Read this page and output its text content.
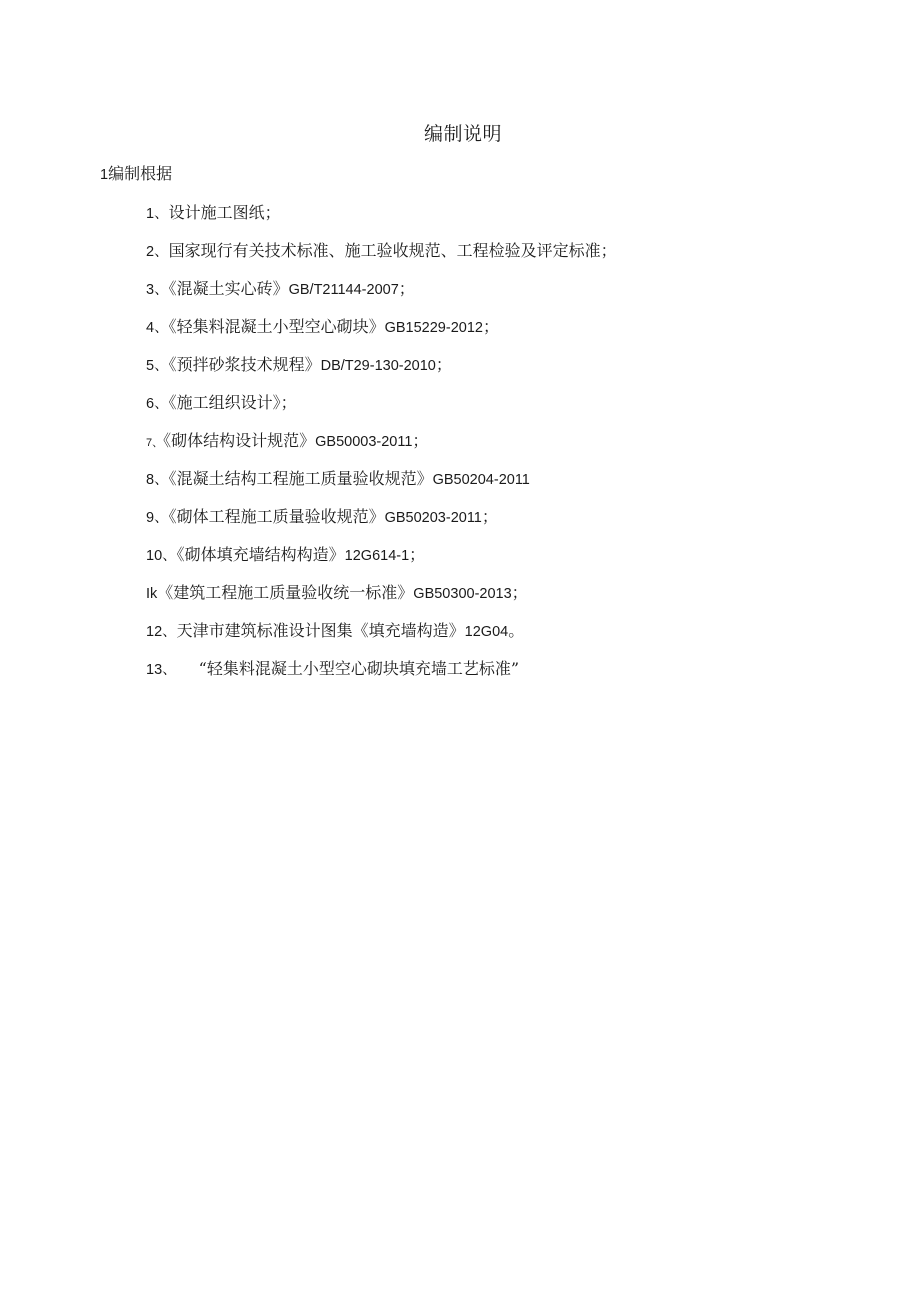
编制说明
1编制根据
1、设计施工图纸；
2、国家现行有关技术标准、施工验收规范、工程检验及评定标准；
3、《混凝土实心砖》GB/T21144-2007；
4、《轻集料混凝土小型空心砌块》GB15229-2012；
5、《预拌砂浆技术规程》DB/T29-130-2010；
6、《施工组织设计》；
7、《砌体结构设计规范》GB50003-2011；
8、《混凝土结构工程施工质量验收规范》GB50204-2011
9、《砌体工程施工质量验收规范》GB50203-2011；
10、《砌体填充墙结构构造》12G614-1；
Ik《建筑工程施工质量验收统一标准》GB50300-2013；
12、天津市建筑标准设计图集《填充墙构造》12G04。
13、 “轻集料混凝土小型空心砌块填充墙工艺标准”
